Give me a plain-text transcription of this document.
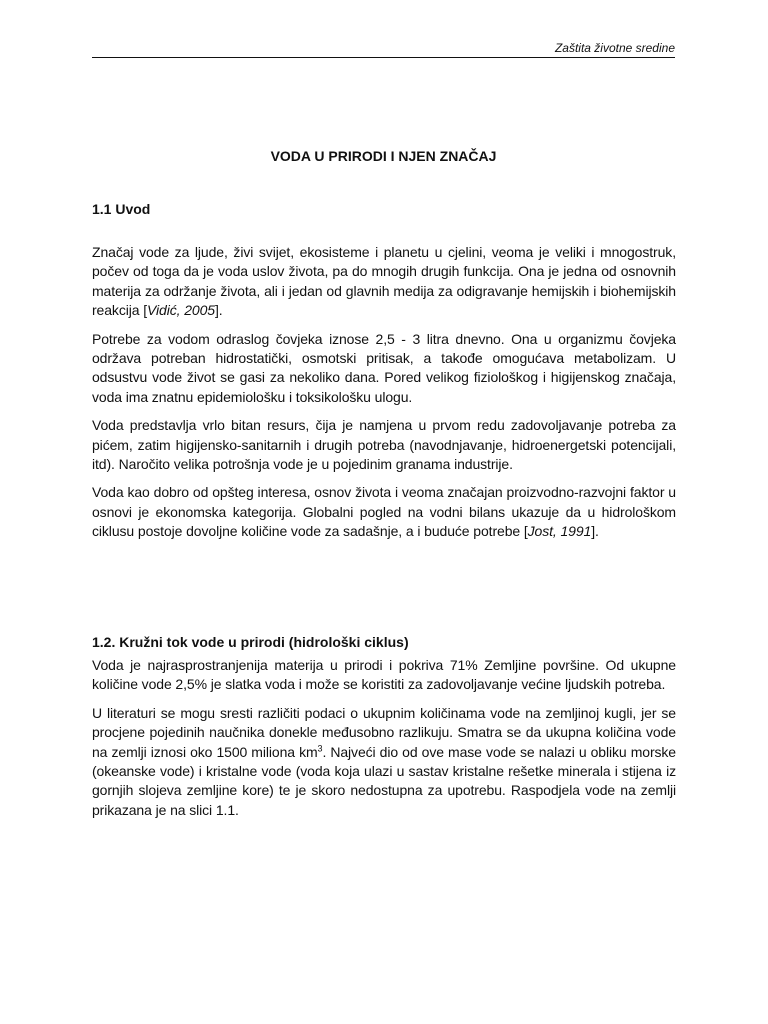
Zaštita životne sredine
VODA U PRIRODI I NJEN ZNAČAJ
1.1 Uvod

Značaj vode za ljude, živi svijet, ekosisteme i planetu u cjelini, veoma je veliki i mnogostruk, počev od toga da je voda uslov života, pa do mnogih drugih funkcija. Ona je jedna od osnovnih materija za održanje života, ali i jedan od glavnih medija za odigravanje hemijskih i biohemijskih reakcija [Vidić, 2005].

Potrebe za vodom odraslog čovjeka iznose 2,5 - 3 litra dnevno. Ona u organizmu čovjeka održava potreban hidrostatički, osmotski pritisak, a takođe omogućava metabolizam. U odsustvu vode život se gasi za nekoliko dana. Pored velikog fiziološkog i higijenskog značaja, voda ima znatnu epidemiološku i toksikološku ulogu.

Voda predstavlja vrlo bitan resurs, čija je namjena u prvom redu zadovoljavanje potreba za pićem, zatim higijensko-sanitarnih i drugih potreba (navodnjavanje, hidroenergetski potencijali, itd). Naročito velika potrošnja vode je u pojedinim granama industrije.

Voda kao dobro od opšteg interesa, osnov života i veoma značajan proizvodno-razvojni faktor u osnovi je ekonomska kategorija. Globalni pogled na vodni bilans ukazuje da u hidrološkom ciklusu postoje dovoljne količine vode za sadašnje, a i buduće potrebe [Jost, 1991].

1.2. Kružni tok vode u prirodi (hidrološki ciklus)

Voda je najrasprostranjenija materija u prirodi i pokriva 71% Zemljine površine. Od ukupne količine vode 2,5% je slatka voda i može se koristiti za zadovoljavanje većine ljudskih potreba.

U literaturi se mogu sresti različiti podaci o ukupnim količinama vode na zemljinoj kugli, jer se procjene pojedinih naučnika donekle međusobno razlikuju. Smatra se da ukupna količina vode na zemlji iznosi oko 1500 miliona $km^3$. Najveći dio od ove mase vode se nalazi u obliku morske (okeanske vode) i kristalne vode (voda koja ulazi u sastav kristalne rešetke minerala i stijena iz gornjih slojeva zemljine kore) te je skoro nedostupna za upotrebu. Raspodjela vode na zemlji prikazana je na slici 1.1.
